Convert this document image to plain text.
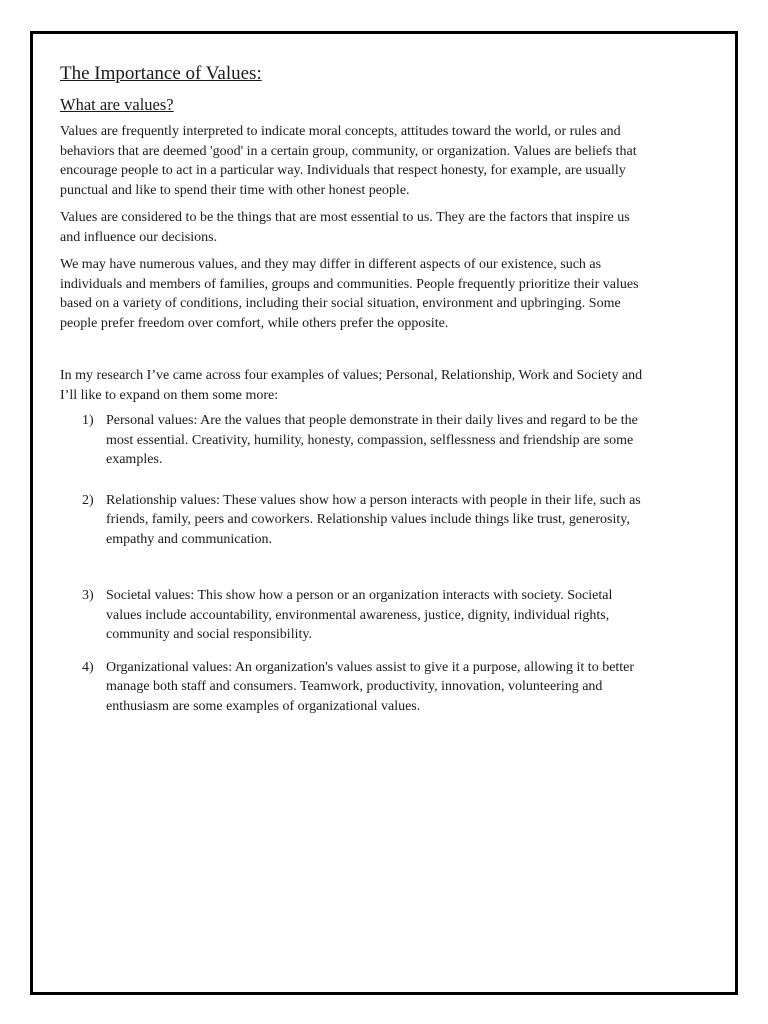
The Importance of Values:
What are values?

Values are frequently interpreted to indicate moral concepts, attitudes toward the world, or rules and behaviors that are deemed 'good' in a certain group, community, or organization. Values are beliefs that encourage people to act in a particular way. Individuals that respect honesty, for example, are usually punctual and like to spend their time with other honest people.

Values are considered to be the things that are most essential to us. They are the factors that inspire us and influence our decisions.

We may have numerous values, and they may differ in different aspects of our existence, such as individuals and members of families, groups and communities. People frequently prioritize their values based on a variety of conditions, including their social situation, environment and upbringing. Some people prefer freedom over comfort, while others prefer the opposite.

In my research I’ve came across four examples of values; Personal, Relationship, Work and Society and I’ll like to expand on them some more:

1) Personal values: Are the values that people demonstrate in their daily lives and regard to be the most essential. Creativity, humility, honesty, compassion, selflessness and friendship are some examples.
2) Relationship values: These values show how a person interacts with people in their life, such as friends, family, peers and coworkers. Relationship values include things like trust, generosity, empathy and communication.
3) Societal values: This show how a person or an organization interacts with society. Societal values include accountability, environmental awareness, justice, dignity, individual rights, community and social responsibility.
4) Organizational values: An organization's values assist to give it a purpose, allowing it to better manage both staff and consumers. Teamwork, productivity, innovation, volunteering and enthusiasm are some examples of organizational values.
